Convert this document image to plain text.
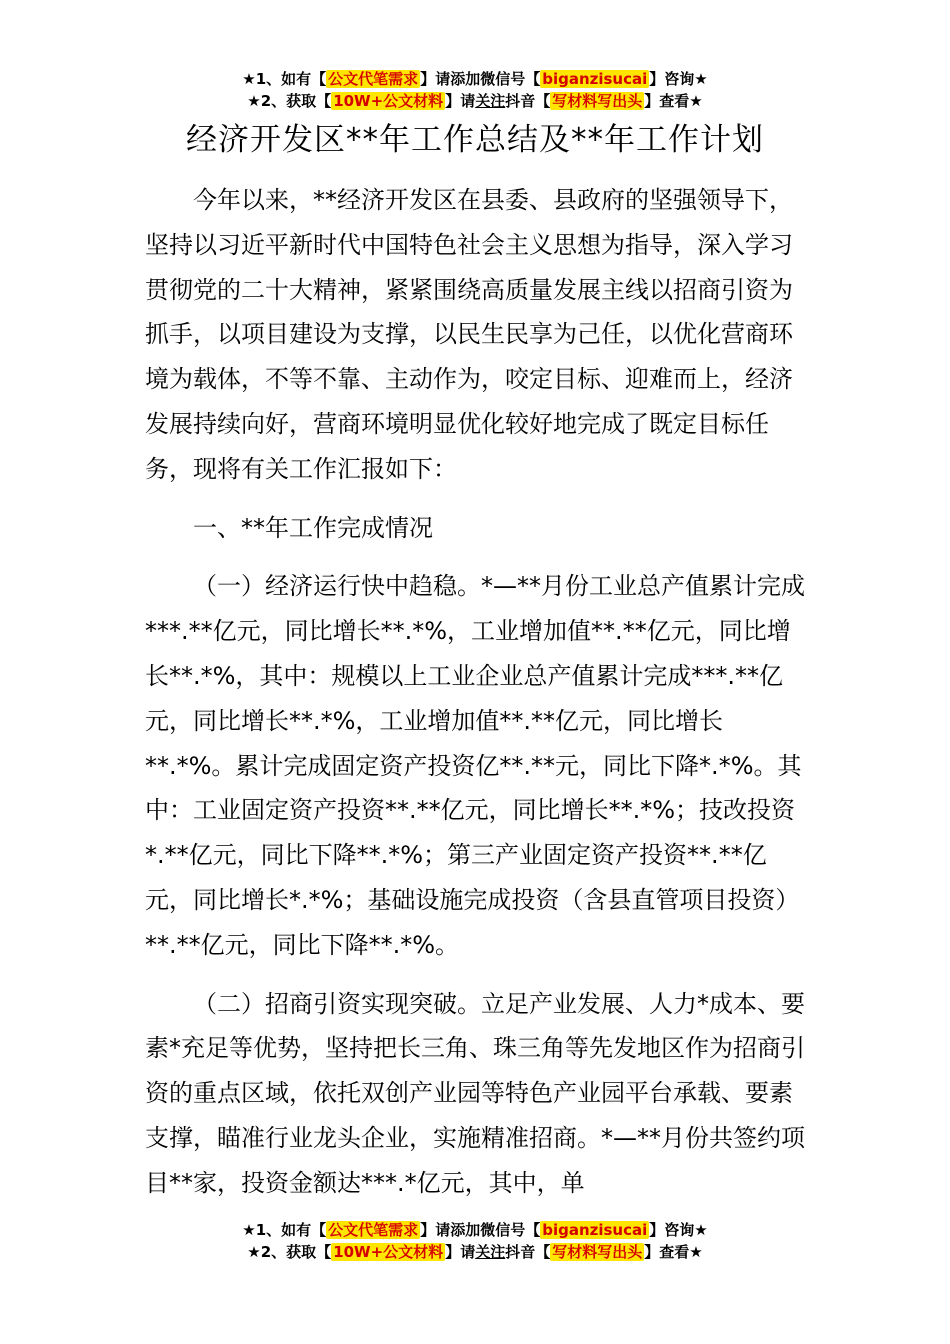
★1、如有【 公文代笔需求 】请添加微信号【 biganzisucai 】咨询★
★2、获取【 10W+公文材料 】请关注抖音【 写材料写出头 】查看★
经济开发区**年工作总结及**年工作计划

今年以来，**经济开发区在县委、县政府的坚强领导下，坚持以习近平新时代中国特色社会主义思想为指导，深入学习贯彻党的二十大精神，紧紧围绕高质量发展主线以招商引资为抓手，以项目建设为支撑，以民生民享为己任，以优化营商环境为载体，不等不靠、主动作为，咬定目标、迎难而上，经济发展持续向好，营商环境明显优化较好地完成了既定目标任务，现将有关工作汇报如下：

一、**年工作完成情况

（一）经济运行快中趋稳。*—**月份工业总产值累计完成***.**亿元，同比增长**.*%，工业增加值**.**亿元，同比增长**.*%，其中：规模以上工业企业总产值累计完成***.**亿元，同比增长**.*%，工业增加值**.**亿元，同比增长**.*%。累计完成固定资产投资亿**.**元，同比下降*.*%。其中：工业固定资产投资**.**亿元，同比增长**.*%；技改投资*.**亿元，同比下降**.*%；第三产业固定资产投资**.**亿元，同比增长*.*%；基础设施完成投资（含县直管项目投资）**.**亿元，同比下降**.*%。

（二）招商引资实现突破。立足产业发展、人力*成本、要素*充足等优势，坚持把长三角、珠三角等先发地区作为招商引资的重点区域，依托双创产业园等特色产业园平台承载、要素支撑，瞄准行业龙头企业，实施精准招商。*—**月份共签约项目**家，投资金额达***.*亿元，其中，单

★1、如有【 公文代笔需求 】请添加微信号【 biganzisucai 】咨询★
★2、获取【 10W+公文材料 】请关注抖音【 写材料写出头 】查看★
